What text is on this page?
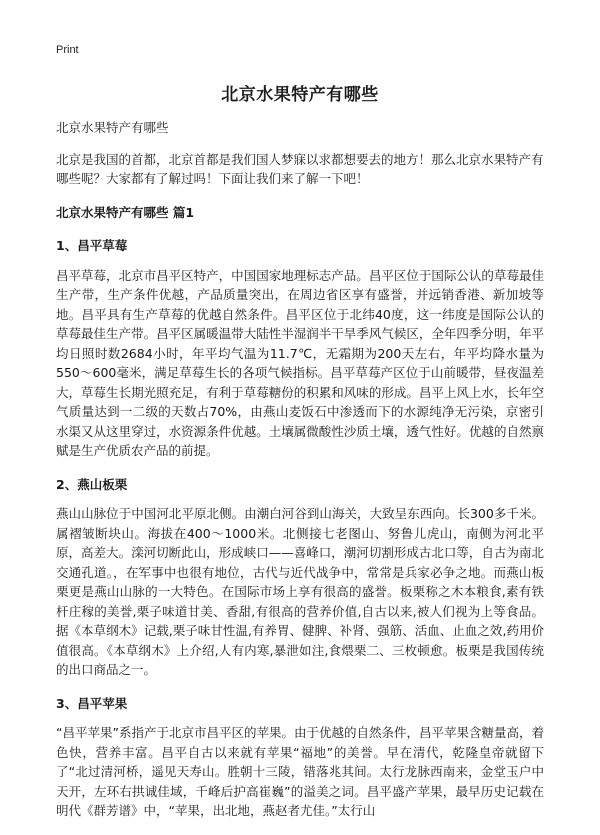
Print
北京水果特产有哪些

北京水果特产有哪些

北京是我国的首都，北京首都是我们国人梦寐以求都想要去的地方！那么北京水果特产有哪些呢？大家都有了解过吗！下面让我们来了解一下吧！

北京水果特产有哪些 篇1

1、昌平草莓

昌平草莓，北京市昌平区特产，中国国家地理标志产品。昌平区位于国际公认的草莓最佳生产带，生产条件优越，产品质量突出，在周边省区享有盛誉，并远销香港、新加坡等地。昌平具有生产草莓的优越自然条件。昌平区位于北纬40度，这一纬度是国际公认的草莓最佳生产带。昌平区属暖温带大陆性半湿润半干旱季风气候区，全年四季分明，年平均日照时数2684小时，年平均气温为11.7℃，无霜期为200天左右，年平均降水量为550～600毫米，满足草莓生长的各项气候指标。昌平草莓产区位于山前暖带，昼夜温差大，草莓生长期光照充足，有利于草莓糖份的积累和风味的形成。昌平上风上水，长年空气质量达到一二级的天数占70%，由燕山麦饭石中渗透而下的水源纯净无污染，京密引水渠又从这里穿过，水资源条件优越。土壤属微酸性沙质土壤，透气性好。优越的自然禀赋是生产优质农产品的前提。

2、燕山板栗

燕山山脉位于中国河北平原北侧。由潮白河谷到山海关，大致呈东西向。长300多千米。属褶皱断块山。海拔在400～1000米。北侧接七老图山、努鲁儿虎山，南侧为河北平原，高差大。滦河切断此山，形成峡口——喜峰口，潮河切割形成古北口等，自古为南北交通孔道。，在军事中也很有地位，古代与近代战争中，常常是兵家必争之地。而燕山板栗更是燕山山脉的一大特色。在国际市场上享有很高的盛誉。板栗称之木本粮食,素有铁杆庄稼的美誉,栗子味道甘美、香甜,有很高的营养价值,自古以来,被人们视为上等食品。据《本草纲木》记载,栗子味甘性温,有养胃、健脾、补肾、强筋、活血、止血之效,药用价值很高。《本草纲木》上介绍,人有内寒,暴泄如注,食煨栗二、三枚顿愈。板栗是我国传统的出口商品之一。

3、昌平苹果

“昌平苹果”系指产于北京市昌平区的苹果。由于优越的自然条件，昌平苹果含糖量高，着色快，营养丰富。昌平自古以来就有苹果“福地”的美誉。早在清代，乾隆皇帝就留下了“北过清河桥，遥见天寿山。胜朝十三陵，错落兆其间。太行龙脉西南来，金堂玉户中天开，左环右拱诚佳域，千峰后护高崔巍”的溢美之词。昌平盛产苹果，最早历史记载在明代《群芳谱》中，“苹果，出北地，燕赵者尤佳。”太行山
